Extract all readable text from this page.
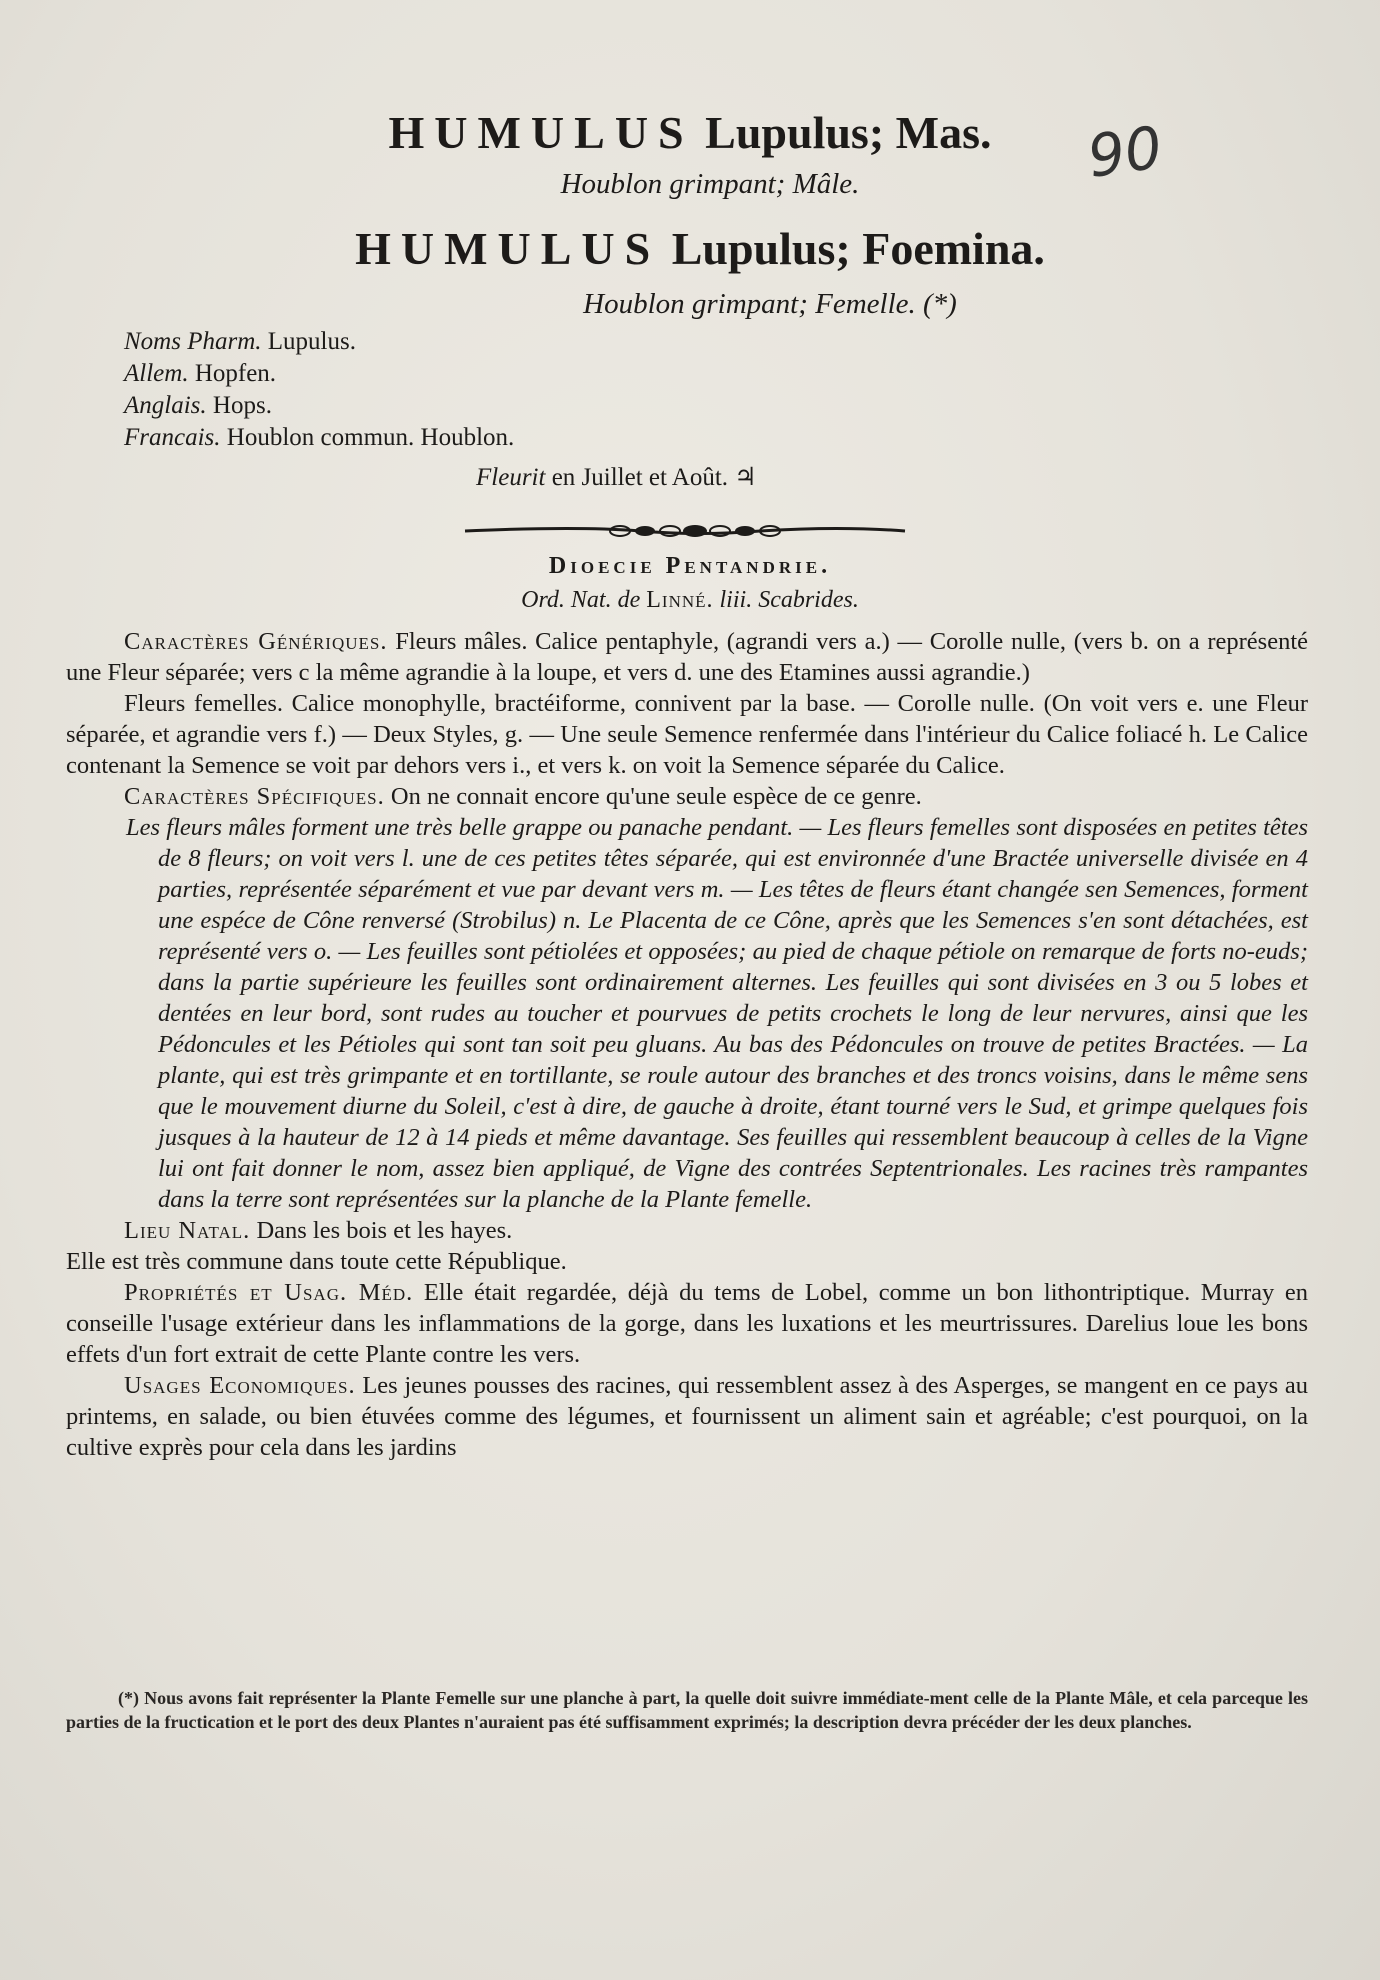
90
HUMULUS Lupulus; Mas.
Houblon grimpant; Mâle.
HUMULUS Lupulus; Foemina.
Houblon grimpant; Femelle. (*)
Noms Pharm. Lupulus.
Allem. Hopfen.
Anglais. Hops.
Francais. Houblon commun. Houblon.
Fleurit en Juillet et Août. ♃
Dioecie Pentandrie.
Ord. Nat. de Linné. liii. Scabrides.

Caractères Génériques. Fleurs mâles. Calice pentaphyle, (agrandi vers a.) — Corolle nulle, (vers b. on a représenté une Fleur séparée; vers c la même agrandie à la loupe, et vers d. une des Etamines aussi agrandie.)

Fleurs femelles. Calice monophylle, bractéiforme, connivent par la base. — Corolle nulle. (On voit vers e. une Fleur séparée, et agrandie vers f.) — Deux Styles, g. — Une seule Semence renfermée dans l'intérieur du Calice foliacé h. Le Calice contenant la Semence se voit par dehors vers i., et vers k. on voit la Semence séparée du Calice.

Caractères Spécifiques. On ne connait encore qu'une seule espèce de ce genre.

Les fleurs mâles forment une très belle grappe ou panache pendant. — Les fleurs femelles sont disposées en petites têtes de 8 fleurs; on voit vers l. une de ces petites têtes séparée, qui est environnée d'une Bractée universelle divisée en 4 parties, représentée séparément et vue par devant vers m. — Les têtes de fleurs étant changée sen Semences, forment une espéce de Cône renversé (Strobilus) n. Le Placenta de ce Cône, après que les Semences s'en sont détachées, est représenté vers o. — Les feuilles sont pétiolées et opposées; au pied de chaque pétiole on remarque de forts no-euds; dans la partie supérieure les feuilles sont ordinairement alternes. Les feuilles qui sont divisées en 3 ou 5 lobes et dentées en leur bord, sont rudes au toucher et pourvues de petits crochets le long de leur nervures, ainsi que les Pédoncules et les Pétioles qui sont tan soit peu gluans. Au bas des Pédoncules on trouve de petites Bractées. — La plante, qui est très grimpante et en tortillante, se roule autour des branches et des troncs voisins, dans le même sens que le mouvement diurne du Soleil, c'est à dire, de gauche à droite, étant tourné vers le Sud, et grimpe quelques fois jusques à la hauteur de 12 à 14 pieds et même davantage. Ses feuilles qui ressemblent beaucoup à celles de la Vigne lui ont fait donner le nom, assez bien appliqué, de Vigne des contrées Septentrionales. Les racines très rampantes dans la terre sont représentées sur la planche de la Plante femelle.

Lieu Natal. Dans les bois et les hayes.

Elle est très commune dans toute cette République.

Propriétés et Usag. Méd. Elle était regardée, déjà du tems de Lobel, comme un bon lithontriptique. Murray en conseille l'usage extérieur dans les inflammations de la gorge, dans les luxations et les meurtrissures. Darelius loue les bons effets d'un fort extrait de cette Plante contre les vers.

Usages Economiques. Les jeunes pousses des racines, qui ressemblent assez à des Asperges, se mangent en ce pays au printems, en salade, ou bien étuvées comme des légumes, et fournissent un aliment sain et agréable; c'est pourquoi, on la cultive exprès pour cela dans les jardins

(*) Nous avons fait représenter la Plante Femelle sur une planche à part, la quelle doit suivre immédiate-ment celle de la Plante Mâle, et cela parceque les parties de la fructication et le port des deux Plantes n'auraient pas été suffisamment exprimés; la description devra précéder der les deux planches.
